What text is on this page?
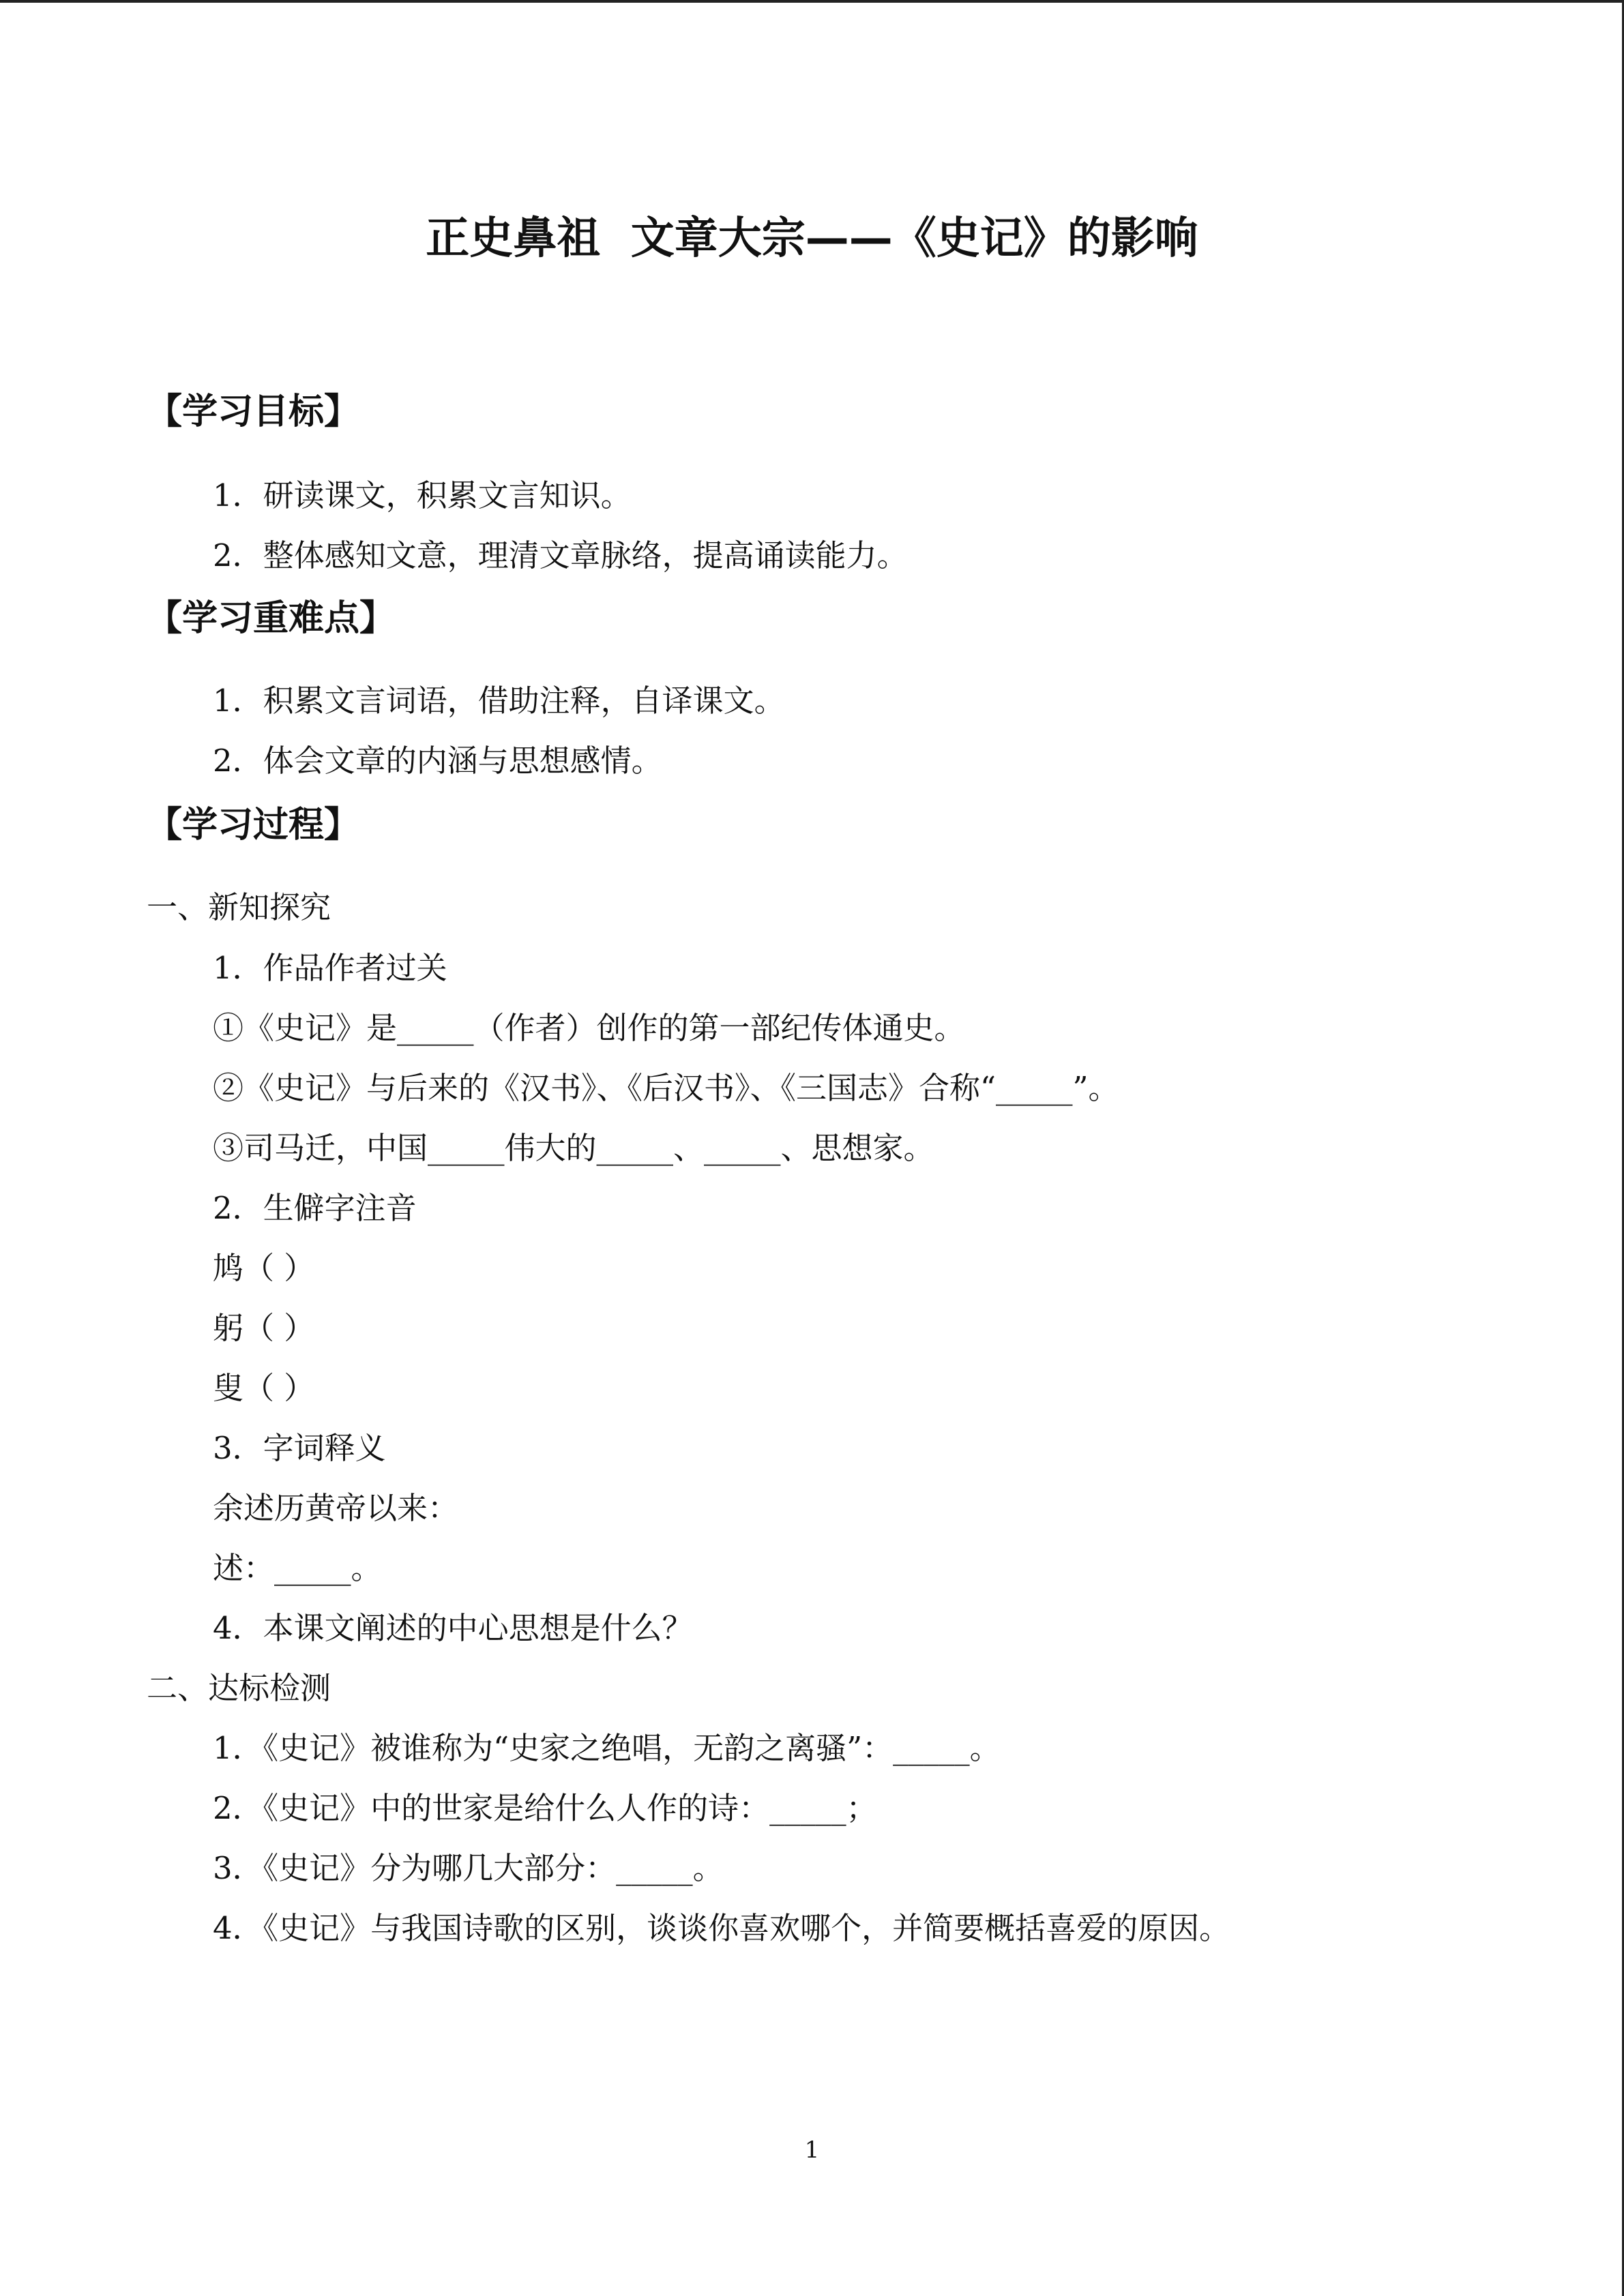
正史鼻祖  文章大宗——《史记》的影响
【学习目标】
1．研读课文，积累文言知识。
2．整体感知文意，理清文章脉络，提高诵读能力。
【学习重难点】
1．积累文言词语，借助注释，自译课文。
2．体会文章的内涵与思想感情。
【学习过程】
一、新知探究
1．作品作者过关
①《史记》是_____（作者）创作的第一部纪传体通史。
②《史记》与后来的《汉书》、《后汉书》、《三国志》合称“_____”。
③司马迁，中国_____伟大的_____、_____、思想家。
2．生僻字注音
鸠（ ）
躬（ ）
叟（ ）
3．字词释义
余述历黄帝以来：
述：_____。
4．本课文阐述的中心思想是什么？
二、达标检测
1．《史记》被谁称为“史家之绝唱，无韵之离骚”：_____。
2．《史记》中的世家是给什么人作的诗：_____；
3．《史记》分为哪几大部分：_____。
4．《史记》与我国诗歌的区别，谈谈你喜欢哪个，并简要概括喜爱的原因。
1
